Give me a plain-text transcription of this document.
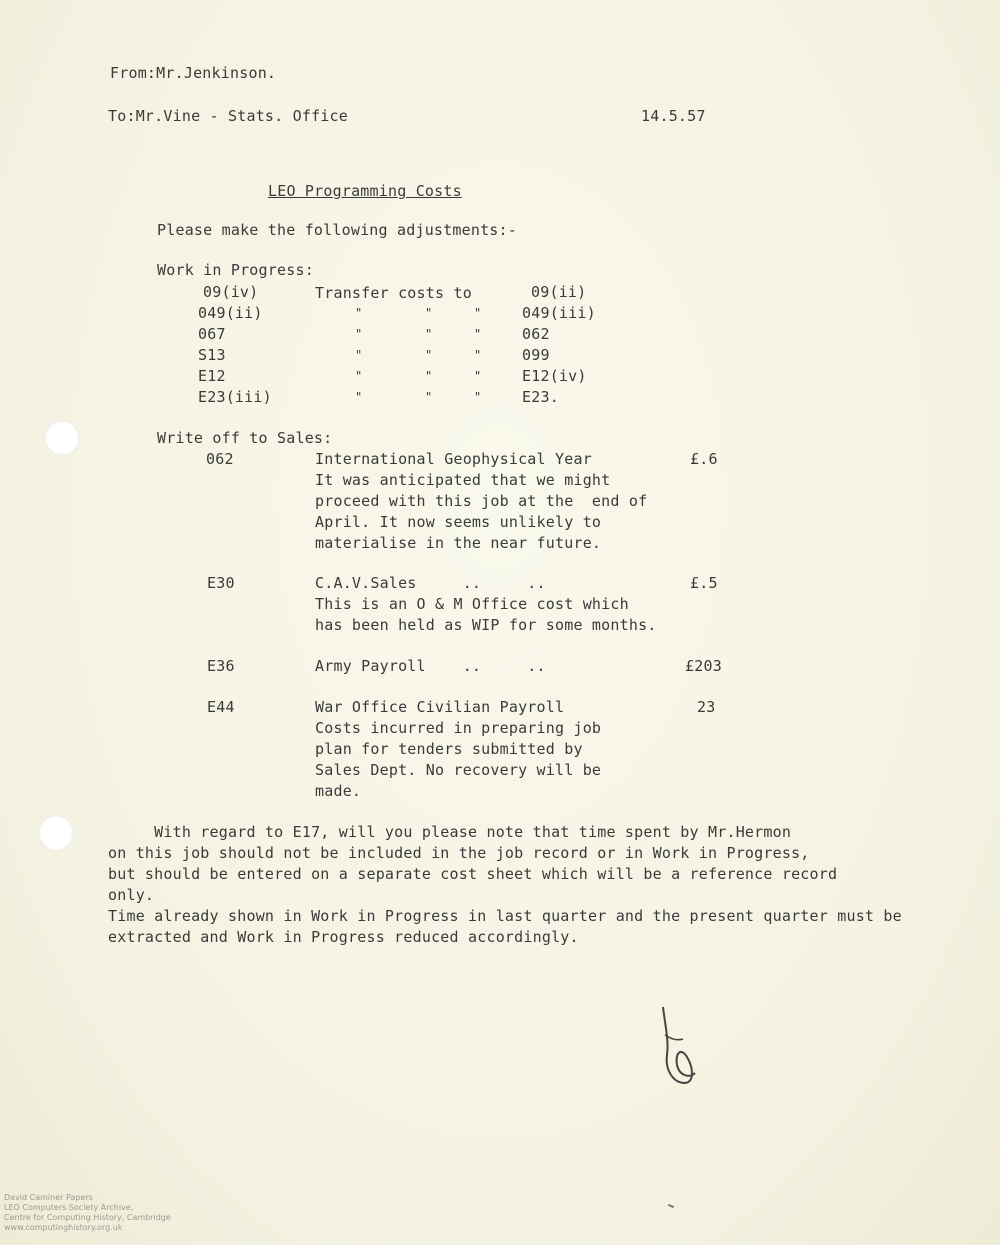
From:Mr.Jenkinson.
To:Mr.Vine - Stats. Office	14.5.57
LEO Programming Costs
Please make the following adjustments:-
Work in Progress:
09(iv)	Transfer costs to	09(ii)
049(ii)	"	"	"	049(iii)
067	"	"	"	062
S13	"	"	"	099
E12	"	"	"	E12(iv)
E23(iii)	"	"	"	E23.
Write off to Sales:
062	International Geophysical Year	£.6
It was anticipated that we might
proceed with this job at the  end of
April. It now seems unlikely to
materialise in the near future.
E30	C.A.V.Sales     ..     ..	£.5
This is an O & M Office cost which
has been held as WIP for some months.
E36	Army Payroll    ..     ..	£203
E44	War Office Civilian Payroll	23
Costs incurred in preparing job
plan for tenders submitted by
Sales Dept. No recovery will be
made.
With regard to E17, will you please note that time spent by Mr.Hermon
on this job should not be included in the job record or in Work in Progress,
but should be entered on a separate cost sheet which will be a reference record
only.
Time already shown in Work in Progress in last quarter and the present quarter must be
extracted and Work in Progress reduced accordingly.
David Caminer Papers
LEO Computers Society Archive,
Centre for Computing History, Cambridge
www.computinghistory.org.uk
